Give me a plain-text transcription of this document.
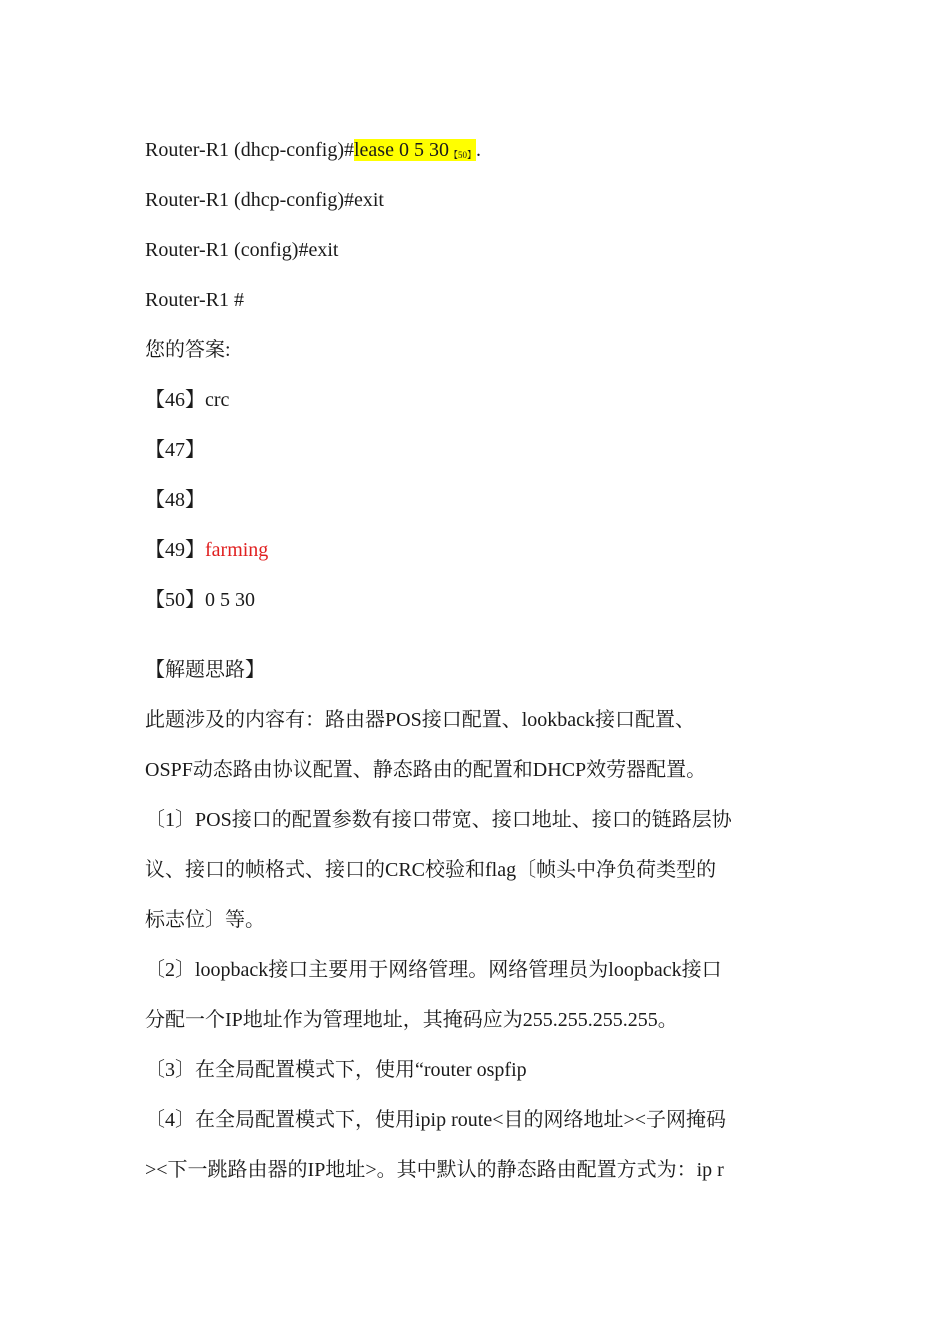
Router-R1 (dhcp-config)#lease 0 5 30【50】.
Router-R1 (dhcp-config)#exit
Router-R1 (config)#exit
Router-R1 #
您的答案:
【46】crc
【47】
【48】
【49】farming
【50】0 5 30
【解题思路】
此题涉及的内容有：路由器POS接口配置、lookback接口配置、
OSPF动态路由协议配置、静态路由的配置和DHCP效劳器配置。
〔1〕POS接口的配置参数有接口带宽、接口地址、接口的链路层协
议、接口的帧格式、接口的CRC校验和flag〔帧头中净负荷类型的
标志位〕等。
〔2〕loopback接口主要用于网络管理。网络管理员为loopback接口
分配一个IP地址作为管理地址，其掩码应为255.255.255.255。
〔3〕在全局配置模式下，使用“router ospfip
〔4〕在全局配置模式下，使用ipip route<目的网络地址><子网掩码
><下一跳路由器的IP地址>。其中默认的静态路由配置方式为：ip r
